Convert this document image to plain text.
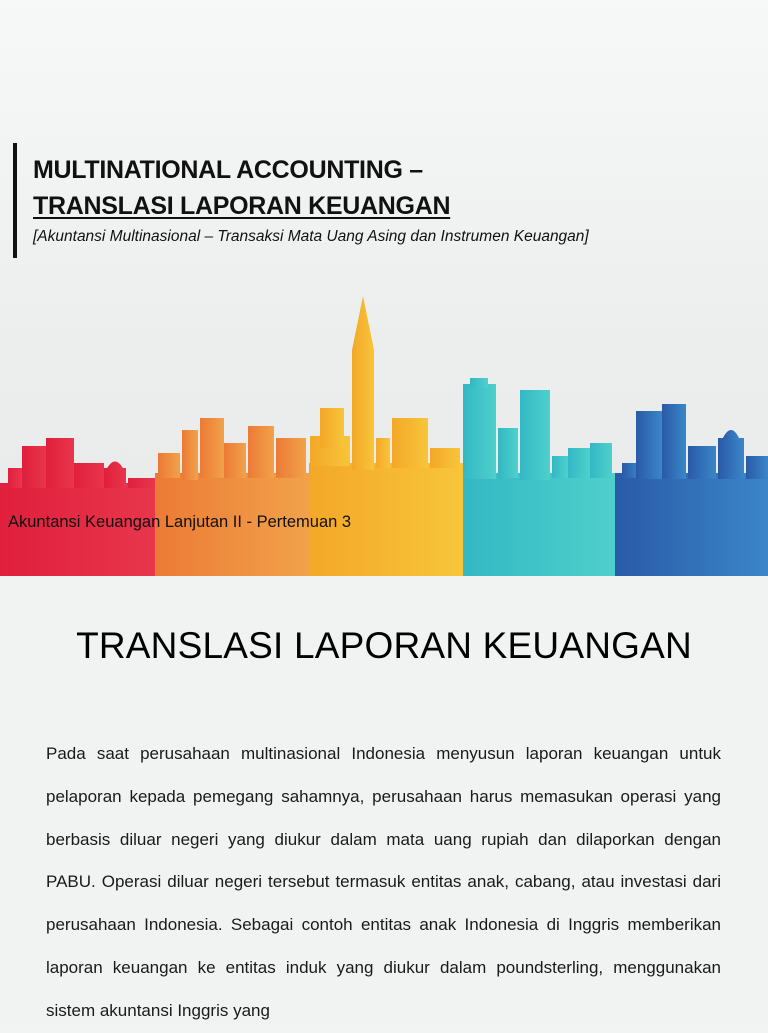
MULTINATIONAL ACCOUNTING –
TRANSLASI LAPORAN KEUANGAN
[Akuntansi Multinasional – Transaksi Mata Uang Asing dan Instrumen Keuangan]
Akuntansi Keuangan Lanjutan II - Pertemuan 3
TRANSLASI LAPORAN KEUANGAN

Pada saat perusahaan multinasional Indonesia menyusun laporan keuangan untuk pelaporan kepada pemegang sahamnya, perusahaan harus memasukan operasi yang berbasis diluar negeri yang diukur dalam mata uang rupiah dan dilaporkan dengan PABU. Operasi diluar negeri tersebut termasuk entitas anak, cabang, atau investasi dari perusahaan Indonesia. Sebagai contoh entitas anak Indonesia di Inggris memberikan laporan keuangan ke entitas induk yang diukur dalam poundsterling, menggunakan sistem akuntansi Inggris yang
